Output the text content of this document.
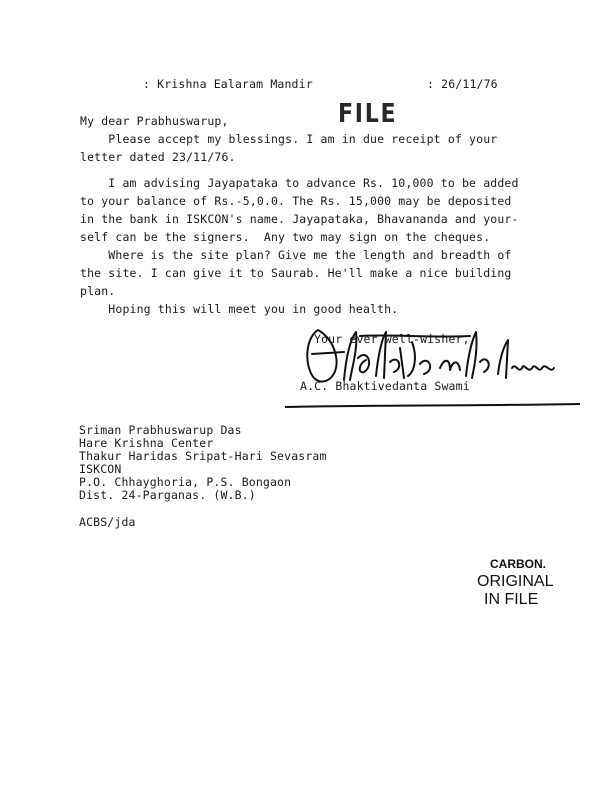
: Krishna Ealaram Mandir	: 26/11/76
FILE
My dear Prabhuswarup,
Please accept my blessings. I am in due receipt of your
letter dated 23/11/76.
I am advising Jayapataka to advance Rs. 10,000 to be added
to your balance of Rs.-5,0.0. The Rs. 15,000 may be deposited
in the bank in ISKCON's name. Jayapataka, Bhavananda and your-
self can be the signers.  Any two may sign on the cheques.
Where is the site plan? Give me the length and breadth of
the site. I can give it to Saurab. He'll make a nice building
plan.
Hoping this will meet you in good health.
Your ever well-wisher,
A.C. Bhaktivedanta Swami
Sriman Prabhuswarup Das
Hare Krishna Center
Thakur Haridas Sripat-Hari Sevasram
ISKCON
P.O. Chhayghoria, P.S. Bongaon
Dist. 24-Parganas. (W.B.)
ACBS/jda
CARBON.
ORIGINAL
IN FILE
